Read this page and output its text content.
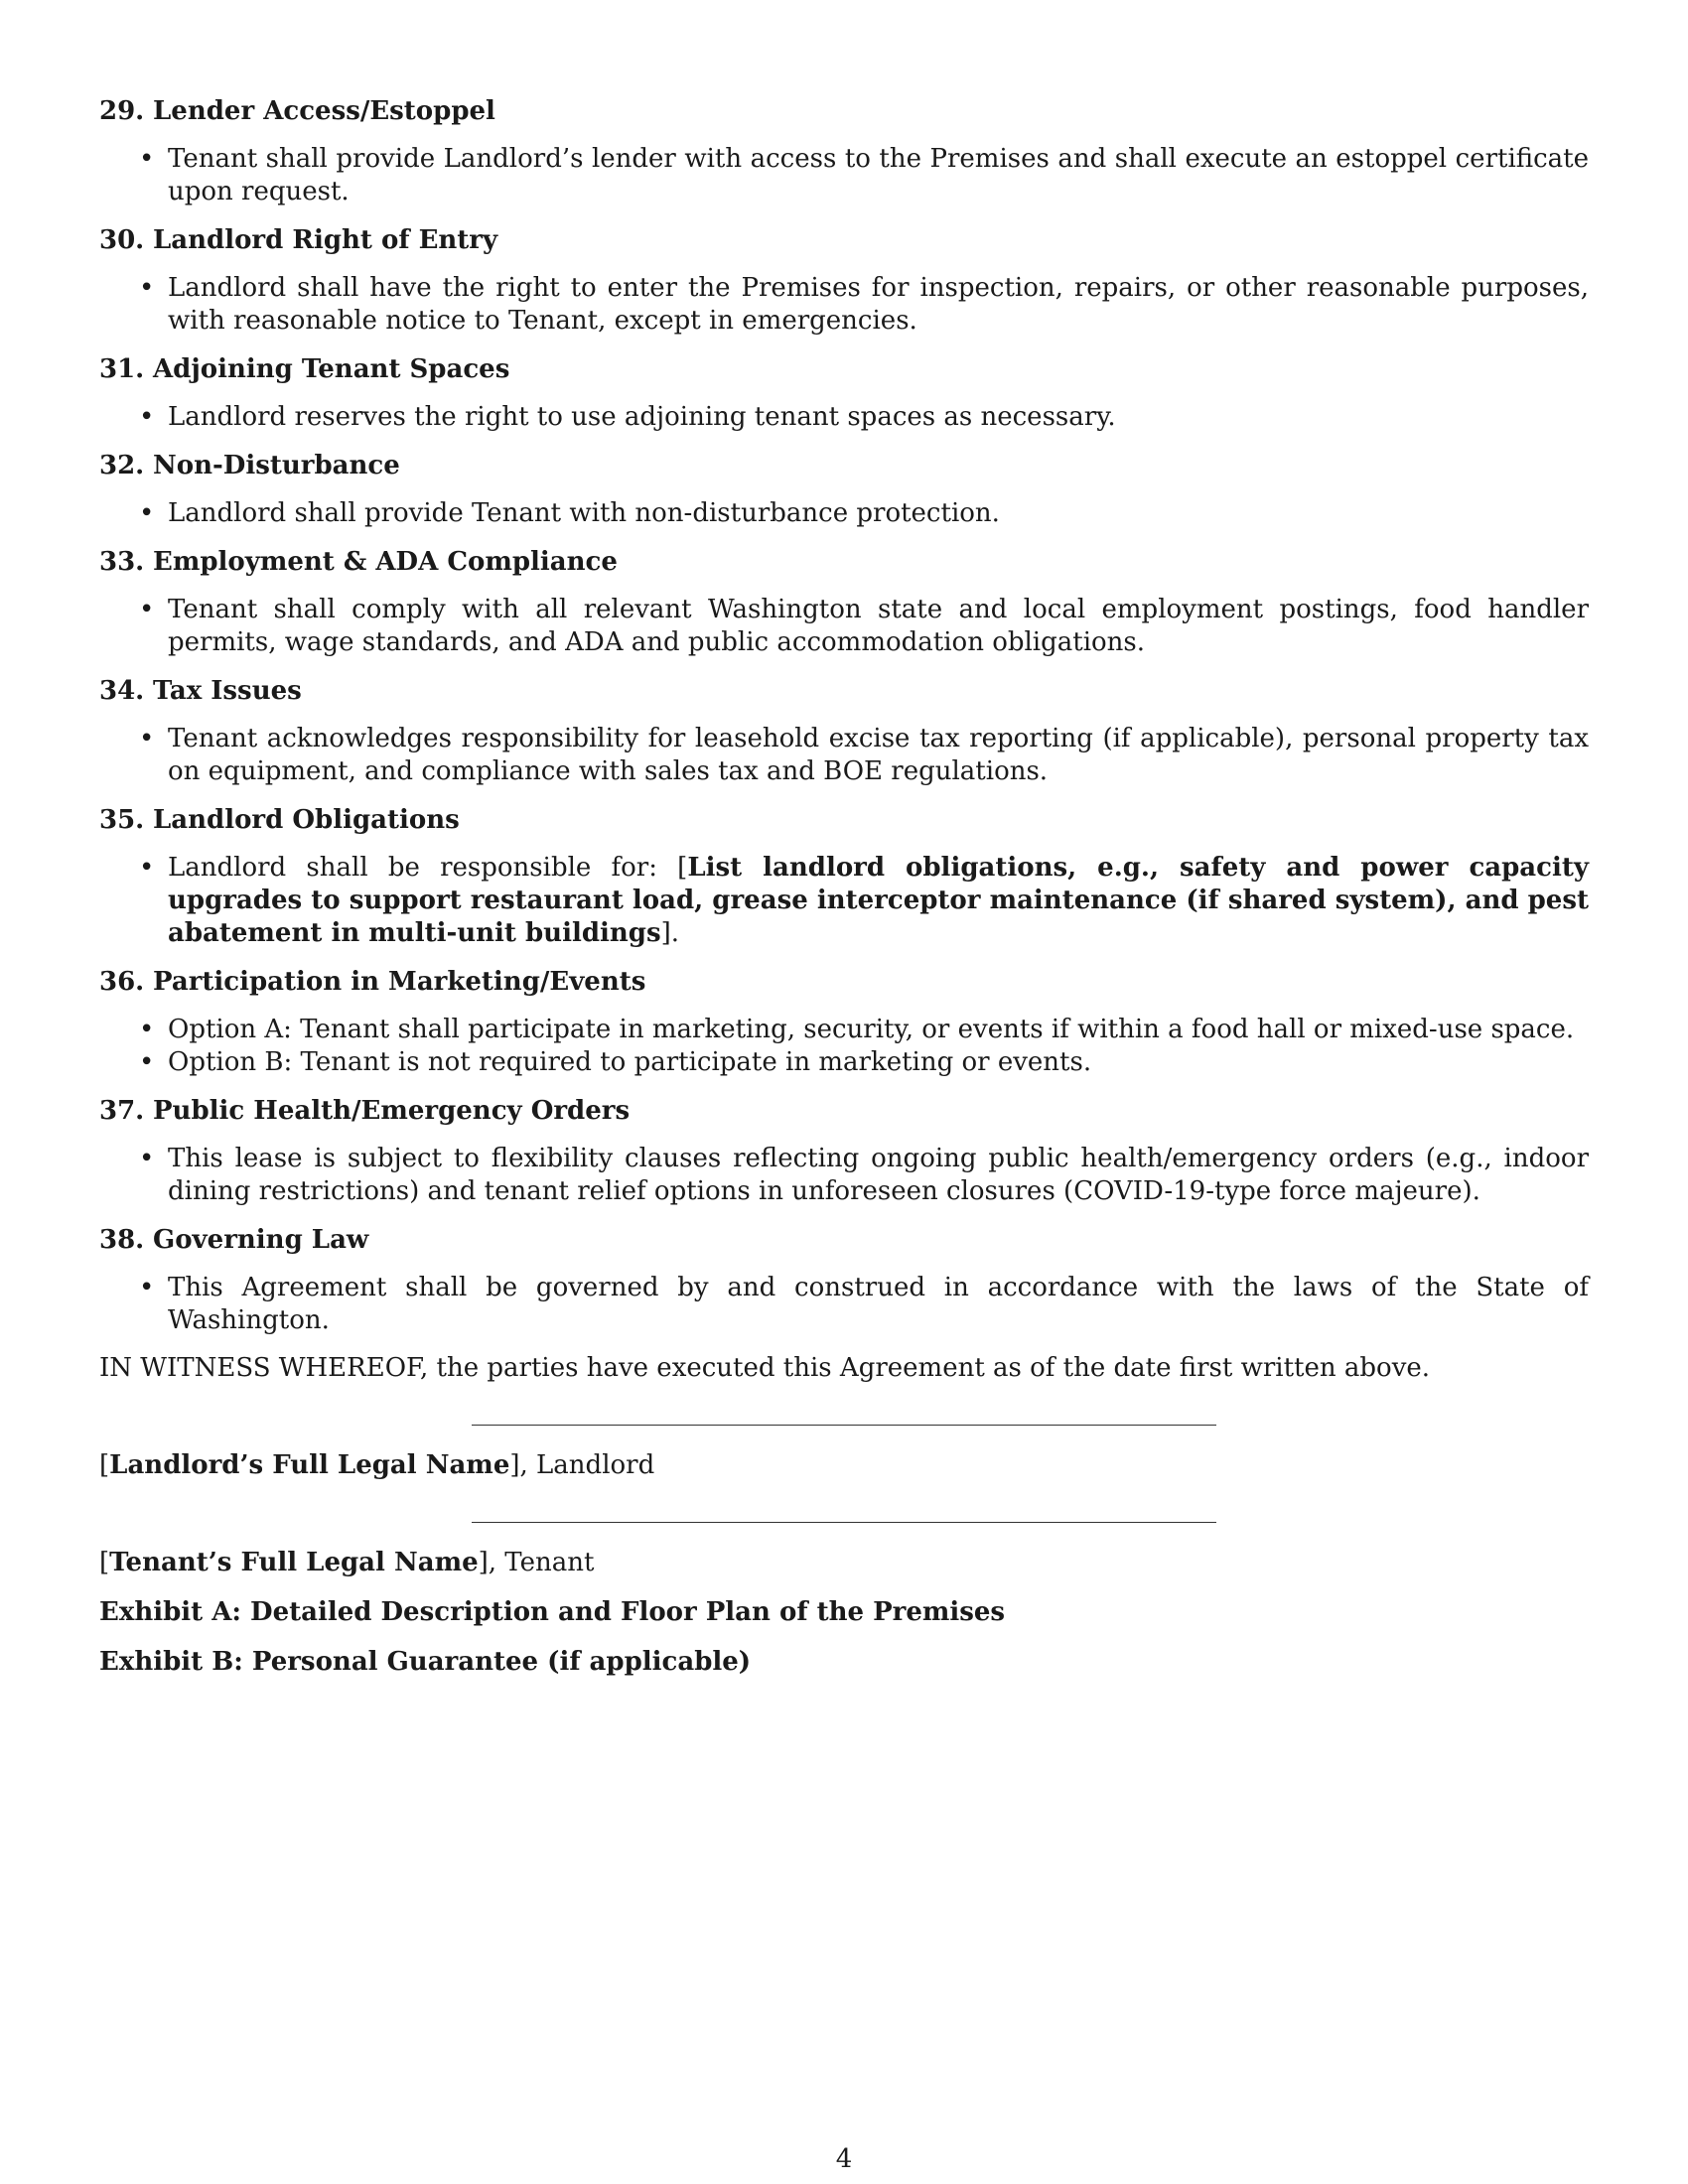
29. Lender Access/Estoppel
• Tenant shall provide Landlord’s lender with access to the Premises and shall execute an estoppel certificate upon request.
30. Landlord Right of Entry
• Landlord shall have the right to enter the Premises for inspection, repairs, or other reasonable purposes, with reasonable notice to Tenant, except in emergencies.
31. Adjoining Tenant Spaces
• Landlord reserves the right to use adjoining tenant spaces as necessary.
32. Non-Disturbance
• Landlord shall provide Tenant with non-disturbance protection.
33. Employment & ADA Compliance
• Tenant shall comply with all relevant Washington state and local employment postings, food handler permits, wage standards, and ADA and public accommodation obligations.
34. Tax Issues
• Tenant acknowledges responsibility for leasehold excise tax reporting (if applicable), personal property tax on equipment, and compliance with sales tax and BOE regulations.
35. Landlord Obligations
• Landlord shall be responsible for: [List landlord obligations, e.g., safety and power capacity upgrades to support restaurant load, grease interceptor maintenance (if shared system), and pest abatement in multi-unit buildings].
36. Participation in Marketing/Events
• Option A: Tenant shall participate in marketing, security, or events if within a food hall or mixed-use space.
• Option B: Tenant is not required to participate in marketing or events.
37. Public Health/Emergency Orders
• This lease is subject to flexibility clauses reflecting ongoing public health/emergency orders (e.g., indoor dining restrictions) and tenant relief options in unforeseen closures (COVID-19-type force majeure).
38. Governing Law
• This Agreement shall be governed by and construed in accordance with the laws of the State of Washington.

IN WITNESS WHEREOF, the parties have executed this Agreement as of the date first written above.

[Landlord’s Full Legal Name], Landlord

[Tenant’s Full Legal Name], Tenant

Exhibit A: Detailed Description and Floor Plan of the Premises

Exhibit B: Personal Guarantee (if applicable)

4
